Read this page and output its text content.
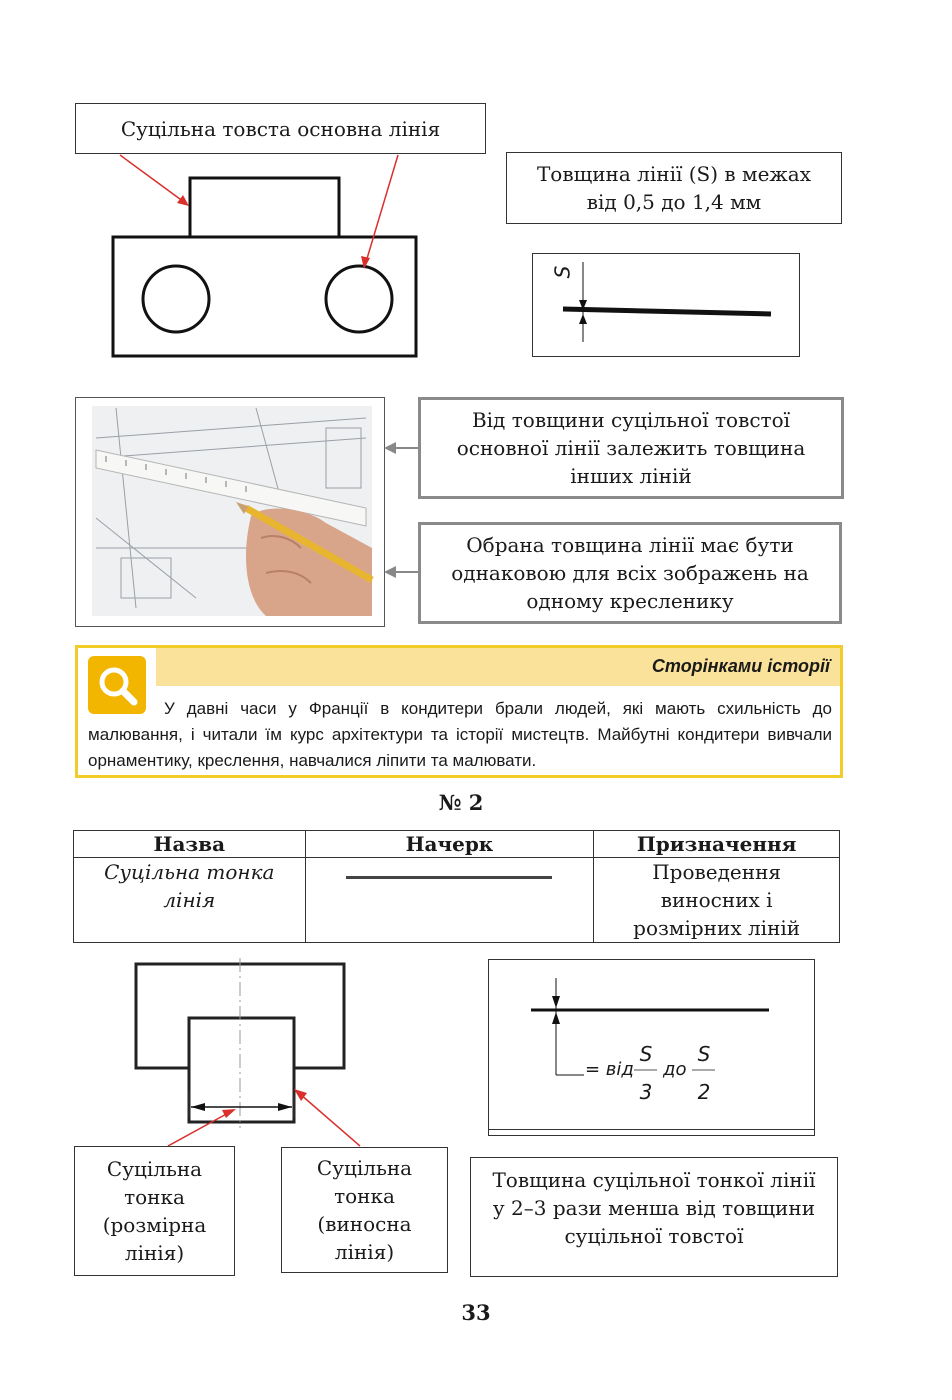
Суцільна товста основна лінія
Товщина лінії (S) в межах від 0,5 до 1,4 мм
S
Від товщини суцільної товстої основної лінії залежить товщина інших ліній
Обрана товщина лінії має бути однаковою для всіх зображень на одному кресленику
Сторінками історії
У давні часи у Франції в кондитери брали людей, які мають схильність до малювання, і читали їм курс архітектури та історії мистецтв. Майбутні кондитери вивчали орнаментику, креслення, навчалися ліпити та малювати.
№ 2
Назва	Начерк	Призначення
Суцільна тонка лінія		Проведення виносних і розмірних ліній
= від
S
3
до
S
2
Суцільна тонка (розмірна лінія)
Суцільна тонка (виносна лінія)
Товщина суцільної тонкої лінії у 2–3 рази менша від товщини суцільної товстої
33
